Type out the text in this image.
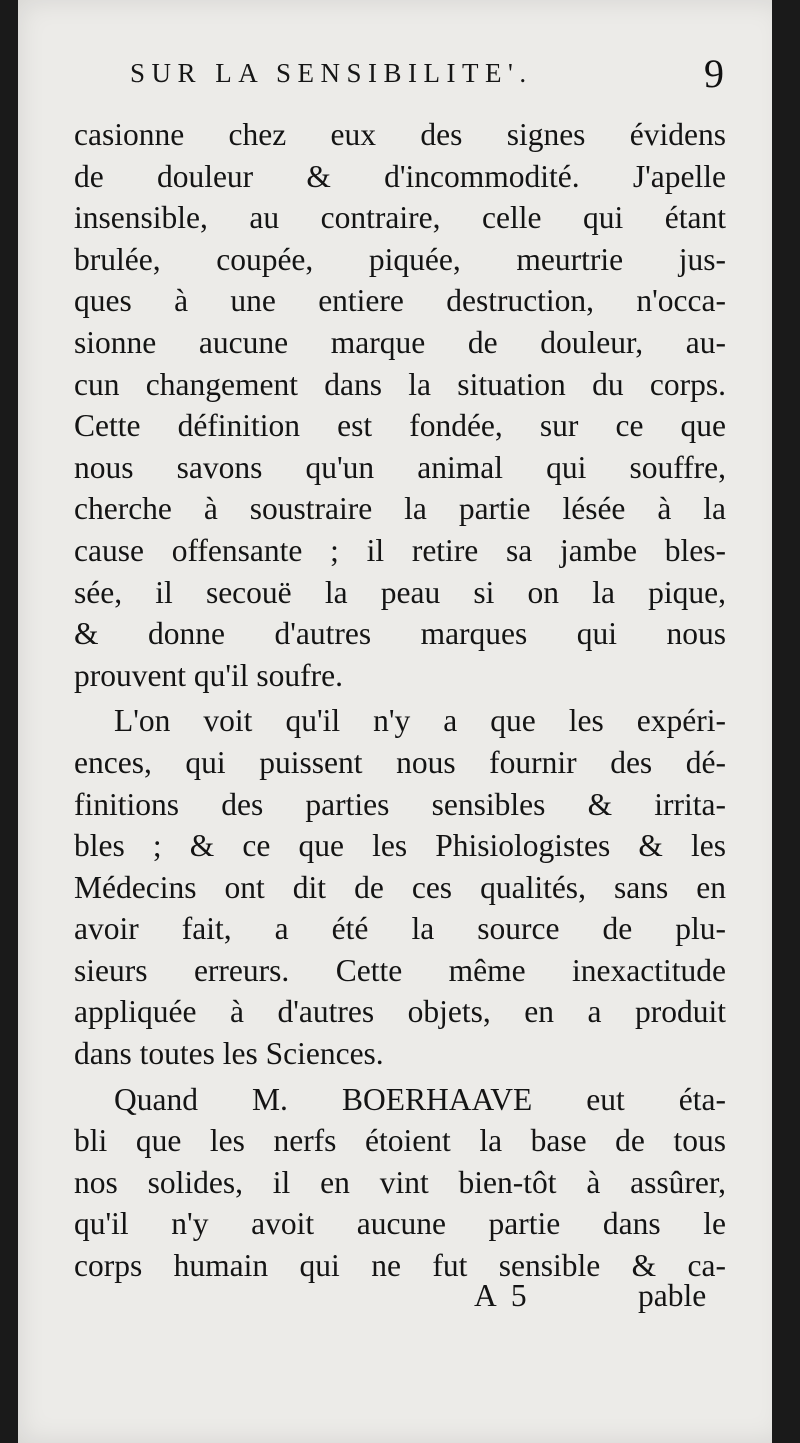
SUR LA SENSIBILITE'.	9
casionne chez eux des signes évidens
de douleur & d'incommodité. J'apelle
insensible, au contraire, celle qui étant
brulée, coupée, piquée, meurtrie jus-
ques à une entiere destruction, n'occa-
sionne aucune marque de douleur, au-
cun changement dans la situation du corps.
Cette définition est fondée, sur ce que
nous savons qu'un animal qui souffre,
cherche à soustraire la partie lésée à la
cause offensante ; il retire sa jambe bles-
sée, il secouë la peau si on la pique,
& donne d'autres marques qui nous
prouvent qu'il soufre.
L'on voit qu'il n'y a que les expéri-
ences, qui puissent nous fournir des dé-
finitions des parties sensibles & irrita-
bles ; & ce que les Phisiologistes & les
Médecins ont dit de ces qualités, sans en
avoir fait, a été la source de plu-
sieurs erreurs. Cette même inexactitude
appliquée à d'autres objets, en a produit
dans toutes les Sciences.
Quand M. BOERHAAVE eut éta-
bli que les nerfs étoient la base de tous
nos solides, il en vint bien-tôt à assûrer,
qu'il n'y avoit aucune partie dans le
corps humain qui ne fut sensible & ca-
A 5	pable
